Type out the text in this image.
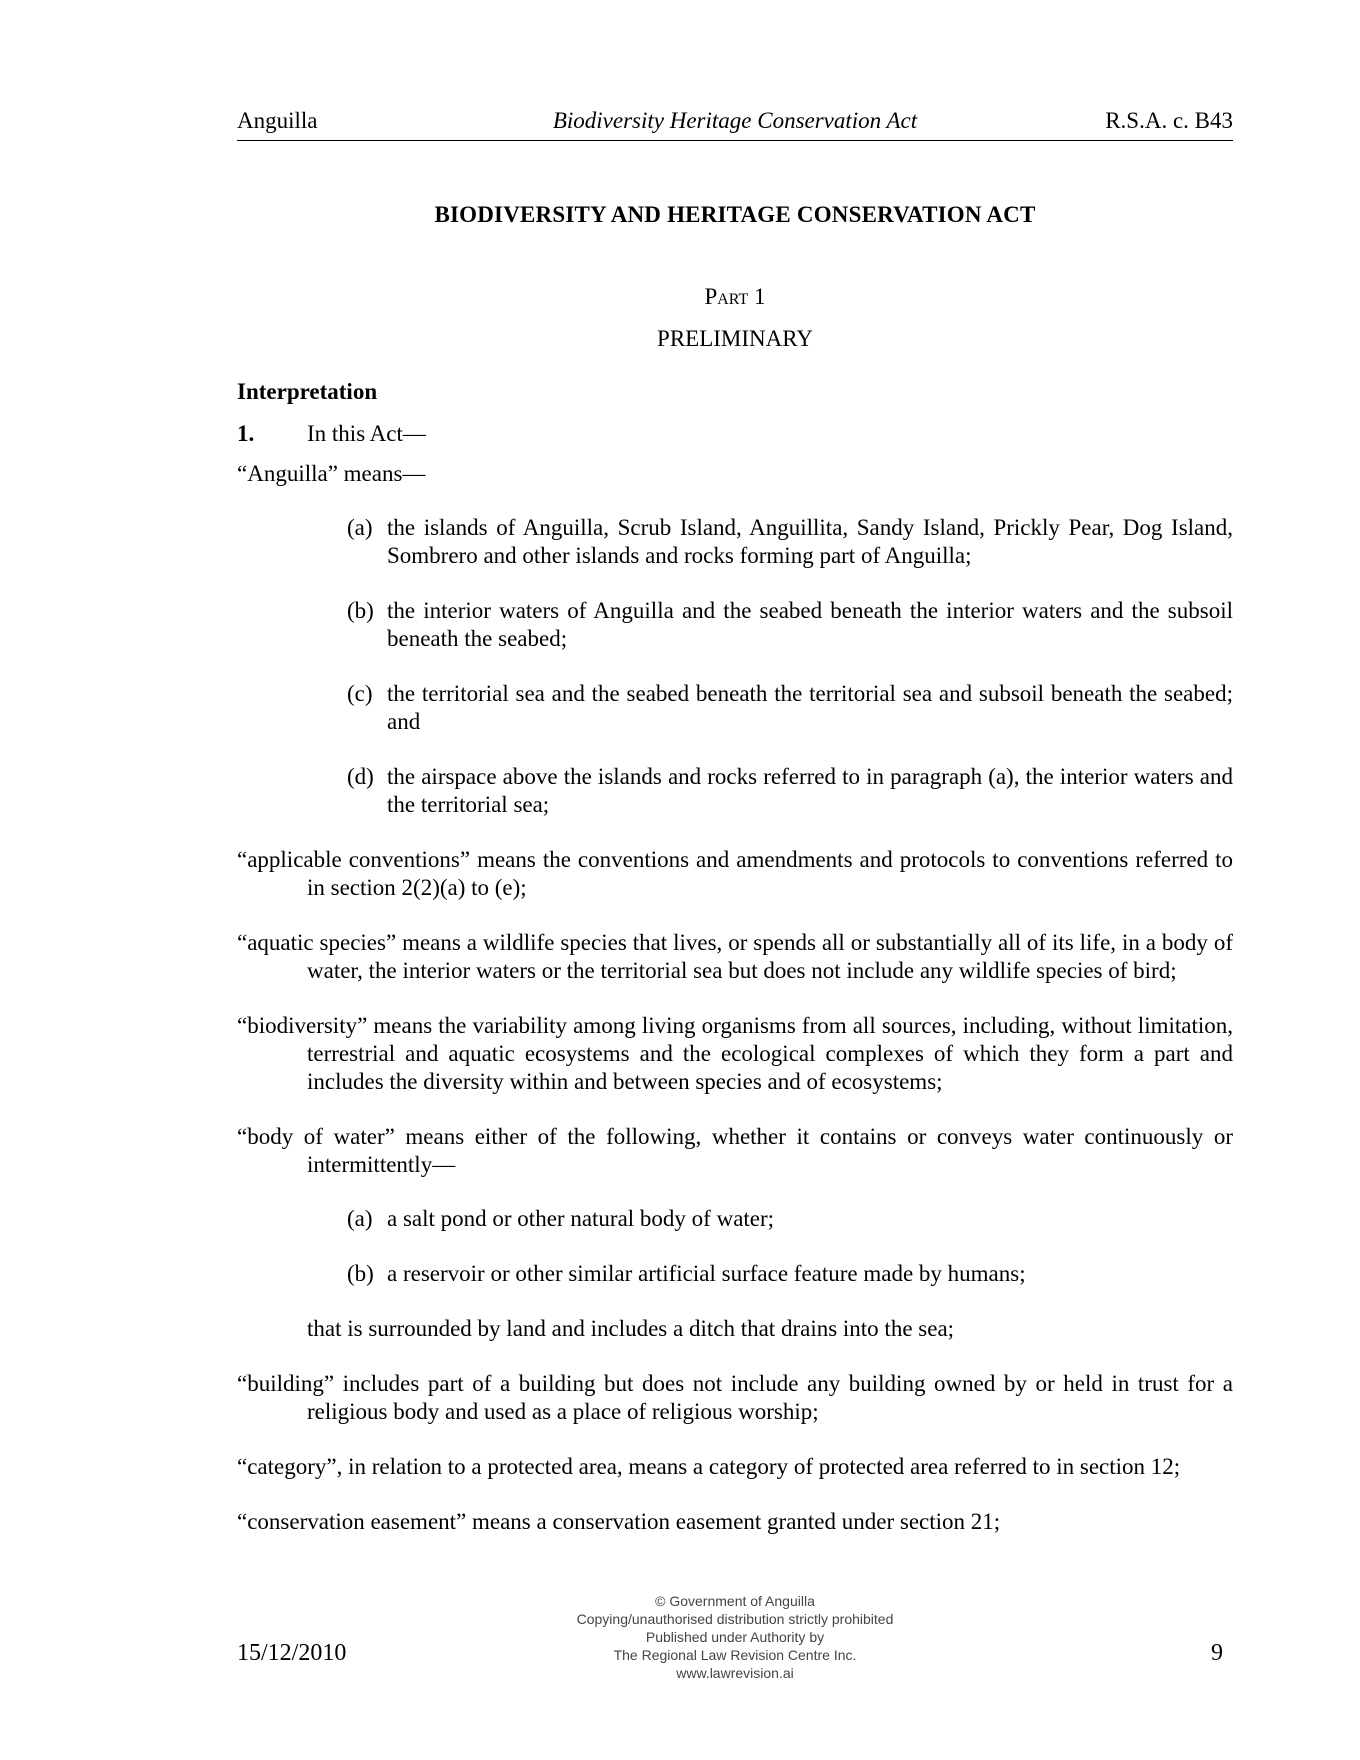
Anguilla	Biodiversity Heritage Conservation Act	R.S.A. c. B43
BIODIVERSITY AND HERITAGE CONSERVATION ACT
Part 1
PRELIMINARY
Interpretation
1. In this Act—
“Anguilla” means—
(a) the islands of Anguilla, Scrub Island, Anguillita, Sandy Island, Prickly Pear, Dog Island, Sombrero and other islands and rocks forming part of Anguilla;
(b) the interior waters of Anguilla and the seabed beneath the interior waters and the subsoil beneath the seabed;
(c) the territorial sea and the seabed beneath the territorial sea and subsoil beneath the seabed; and
(d) the airspace above the islands and rocks referred to in paragraph (a), the interior waters and the territorial sea;
“applicable conventions” means the conventions and amendments and protocols to conventions referred to in section 2(2)(a) to (e);
“aquatic species” means a wildlife species that lives, or spends all or substantially all of its life, in a body of water, the interior waters or the territorial sea but does not include any wildlife species of bird;
“biodiversity” means the variability among living organisms from all sources, including, without limitation, terrestrial and aquatic ecosystems and the ecological complexes of which they form a part and includes the diversity within and between species and of ecosystems;
“body of water” means either of the following, whether it contains or conveys water continuously or intermittently—
(a) a salt pond or other natural body of water;
(b) a reservoir or other similar artificial surface feature made by humans;
that is surrounded by land and includes a ditch that drains into the sea;
“building” includes part of a building but does not include any building owned by or held in trust for a religious body and used as a place of religious worship;
“category”, in relation to a protected area, means a category of protected area referred to in section 12;
“conservation easement” means a conservation easement granted under section 21;
15/12/2010
© Government of Anguilla
Copying/unauthorised distribution strictly prohibited
Published under Authority by
The Regional Law Revision Centre Inc.
www.lawrevision.ai
9
